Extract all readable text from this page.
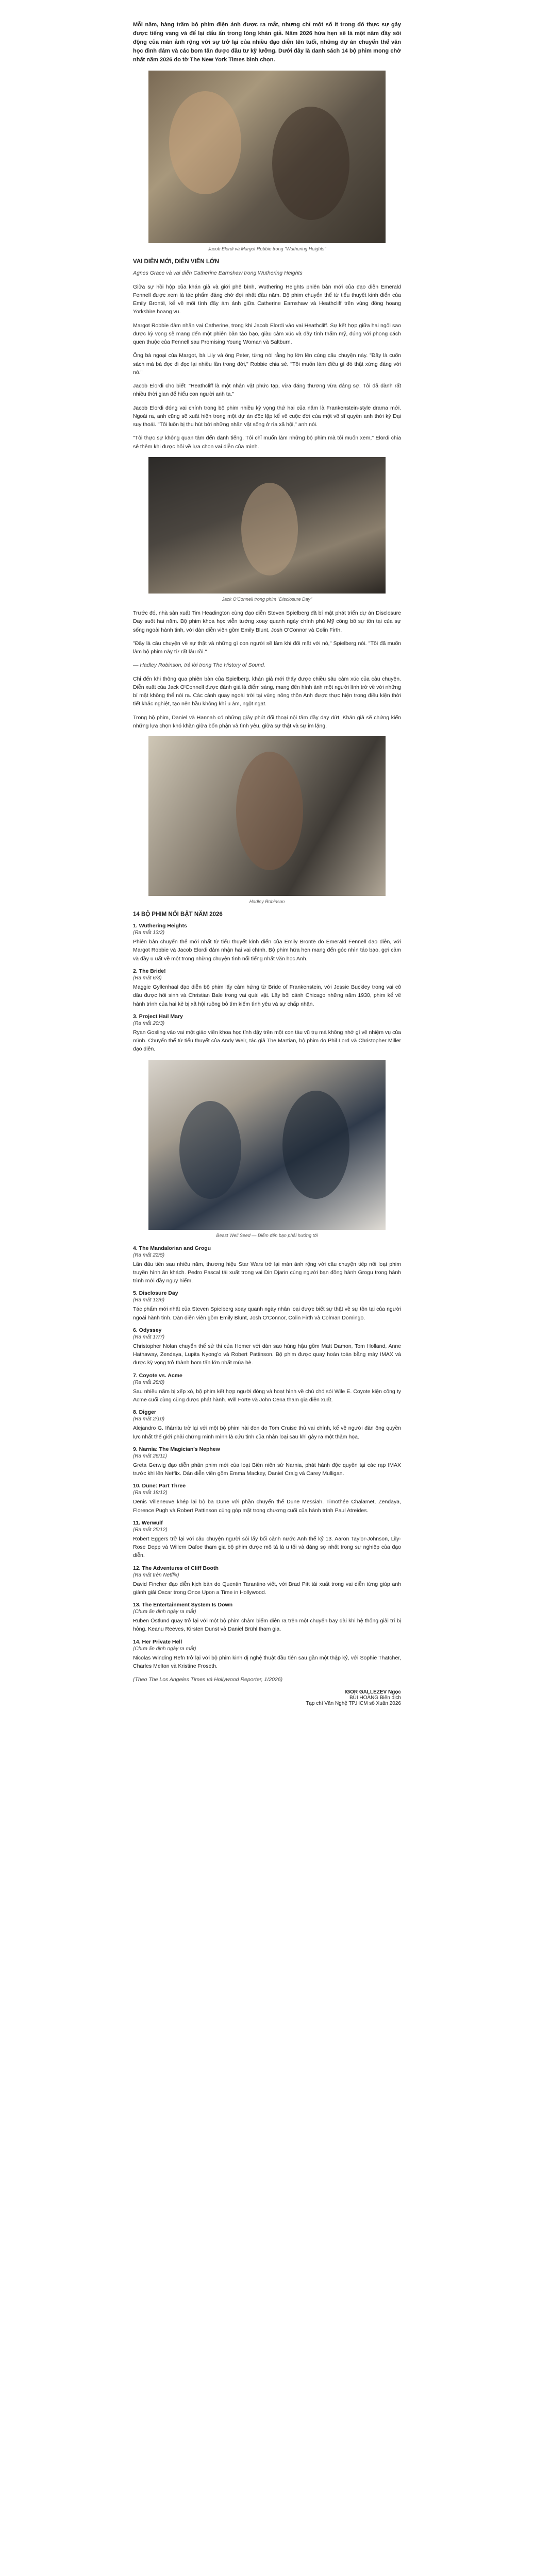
Mỗi năm, hàng trăm bộ phim điện ảnh được ra mắt, nhưng chỉ một số ít trong đó thực sự gây được tiếng vang và để lại dấu ấn trong lòng khán giả. Năm 2026 hứa hẹn sẽ là một năm đầy sôi động của màn ảnh rộng với sự trở lại của nhiều đạo diễn tên tuổi, những dự án chuyển thể văn học đình đám và các bom tấn được đầu tư kỹ lưỡng. Dưới đây là danh sách 14 bộ phim mong chờ nhất năm 2026 do tờ The New York Times bình chọn.

Jacob Elordi và Margot Robbie trong "Wuthering Heights"
VAI DIỄN MỚI, DIỄN VIÊN LỚN

Agnes Grace và vai diễn Catherine Earnshaw trong Wuthering Heights

Giữa sự hồi hộp của khán giả và giới phê bình, Wuthering Heights phiên bản mới của đạo diễn Emerald Fennell được xem là tác phẩm đáng chờ đợi nhất đầu năm. Bộ phim chuyển thể từ tiểu thuyết kinh điển của Emily Brontë, kể về mối tình đầy ám ảnh giữa Catherine Earnshaw và Heathcliff trên vùng đồng hoang Yorkshire hoang vu.

Margot Robbie đảm nhận vai Catherine, trong khi Jacob Elordi vào vai Heathcliff. Sự kết hợp giữa hai ngôi sao được kỳ vọng sẽ mang đến một phiên bản táo bạo, giàu cảm xúc và đầy tính thẩm mỹ, đúng với phong cách quen thuộc của Fennell sau Promising Young Woman và Saltburn.

Ông bà ngoại của Margot, bà Lily và ông Peter, từng nói rằng họ lớn lên cùng câu chuyện này. "Đây là cuốn sách mà bà đọc đi đọc lại nhiều lần trong đời," Robbie chia sẻ. "Tôi muốn làm điều gì đó thật xứng đáng với nó."

Jacob Elordi cho biết: "Heathcliff là một nhân vật phức tạp, vừa đáng thương vừa đáng sợ. Tôi đã dành rất nhiều thời gian để hiểu con người anh ta."

Jacob Elordi đóng vai chính trong bộ phim nhiều kỳ vọng thứ hai của năm là Frankenstein-style drama mới. Ngoài ra, anh cũng sẽ xuất hiện trong một dự án độc lập kể về cuộc đời của một võ sĩ quyền anh thời kỳ Đại suy thoái. "Tôi luôn bị thu hút bởi những nhân vật sống ở rìa xã hội," anh nói.

"Tôi thực sự không quan tâm đến danh tiếng. Tôi chỉ muốn làm những bộ phim mà tôi muốn xem," Elordi chia sẻ thêm khi được hỏi về lựa chọn vai diễn của mình.

Jack O'Connell trong phim "Disclosure Day"

Trước đó, nhà sản xuất Tim Headington cùng đạo diễn Steven Spielberg đã bí mật phát triển dự án Disclosure Day suốt hai năm. Bộ phim khoa học viễn tưởng xoay quanh ngày chính phủ Mỹ công bố sự tồn tại của sự sống ngoài hành tinh, với dàn diễn viên gồm Emily Blunt, Josh O'Connor và Colin Firth.

"Đây là câu chuyện về sự thật và những gì con người sẽ làm khi đối mặt với nó," Spielberg nói. "Tôi đã muốn làm bộ phim này từ rất lâu rồi."

— Hadley Robinson, trả lời trong The History of Sound.

Chỉ đến khi thông qua phiên bản của Spielberg, khán giả mới thấy được chiều sâu cảm xúc của câu chuyện. Diễn xuất của Jack O'Connell được đánh giá là điểm sáng, mang đến hình ảnh một người lính trở về với những bí mật không thể nói ra. Các cảnh quay ngoài trời tại vùng nông thôn Anh được thực hiện trong điều kiện thời tiết khắc nghiệt, tạo nên bầu không khí u ám, ngột ngạt.

Trong bộ phim, Daniel và Hannah có những giây phút đối thoại nội tâm đầy day dứt. Khán giả sẽ chứng kiến những lựa chọn khó khăn giữa bổn phận và tình yêu, giữa sự thật và sự im lặng.

Hadley Robinson
14 BỘ PHIM NỔI BẬT NĂM 2026
1. Wuthering Heights
(Ra mắt 13/2)

Phiên bản chuyển thể mới nhất từ tiểu thuyết kinh điển của Emily Brontë do Emerald Fennell đạo diễn, với Margot Robbie và Jacob Elordi đảm nhận hai vai chính. Bộ phim hứa hẹn mang đến góc nhìn táo bạo, gợi cảm và đầy u uất về một trong những chuyện tình nổi tiếng nhất văn học Anh.

2. The Bride!
(Ra mắt 6/3)

Maggie Gyllenhaal đạo diễn bộ phim lấy cảm hứng từ Bride of Frankenstein, với Jessie Buckley trong vai cô dâu được hồi sinh và Christian Bale trong vai quái vật. Lấy bối cảnh Chicago những năm 1930, phim kể về hành trình của hai kẻ bị xã hội ruồng bỏ tìm kiếm tình yêu và sự chấp nhận.

3. Project Hail Mary
(Ra mắt 20/3)

Ryan Gosling vào vai một giáo viên khoa học tỉnh dậy trên một con tàu vũ trụ mà không nhớ gì về nhiệm vụ của mình. Chuyển thể từ tiểu thuyết của Andy Weir, tác giả The Martian, bộ phim do Phil Lord và Christopher Miller đạo diễn.

Beast Well Seed — Điểm đến bạn phải hướng tới
4. The Mandalorian and Grogu
(Ra mắt 22/5)

Lần đầu tiên sau nhiều năm, thương hiệu Star Wars trở lại màn ảnh rộng với câu chuyện tiếp nối loạt phim truyền hình ăn khách. Pedro Pascal tái xuất trong vai Din Djarin cùng người bạn đồng hành Grogu trong hành trình mới đầy nguy hiểm.

5. Disclosure Day
(Ra mắt 12/6)

Tác phẩm mới nhất của Steven Spielberg xoay quanh ngày nhân loại được biết sự thật về sự tồn tại của người ngoài hành tinh. Dàn diễn viên gồm Emily Blunt, Josh O'Connor, Colin Firth và Colman Domingo.

6. Odyssey
(Ra mắt 17/7)

Christopher Nolan chuyển thể sử thi của Homer với dàn sao hùng hậu gồm Matt Damon, Tom Holland, Anne Hathaway, Zendaya, Lupita Nyong'o và Robert Pattinson. Bộ phim được quay hoàn toàn bằng máy IMAX và được kỳ vọng trở thành bom tấn lớn nhất mùa hè.

7. Coyote vs. Acme
(Ra mắt 28/8)

Sau nhiều năm bị xếp xó, bộ phim kết hợp người đóng và hoạt hình về chú chó sói Wile E. Coyote kiện công ty Acme cuối cùng cũng được phát hành. Will Forte và John Cena tham gia diễn xuất.

8. Digger
(Ra mắt 2/10)

Alejandro G. Iñárritu trở lại với một bộ phim hài đen do Tom Cruise thủ vai chính, kể về người đàn ông quyền lực nhất thế giới phải chứng minh mình là cứu tinh của nhân loại sau khi gây ra một thảm họa.

9. Narnia: The Magician's Nephew
(Ra mắt 26/11)

Greta Gerwig đạo diễn phần phim mới của loạt Biên niên sử Narnia, phát hành độc quyền tại các rạp IMAX trước khi lên Netflix. Dàn diễn viên gồm Emma Mackey, Daniel Craig và Carey Mulligan.

10. Dune: Part Three
(Ra mắt 18/12)

Denis Villeneuve khép lại bộ ba Dune với phần chuyển thể Dune Messiah. Timothée Chalamet, Zendaya, Florence Pugh và Robert Pattinson cùng góp mặt trong chương cuối của hành trình Paul Atreides.

11. Werwulf
(Ra mắt 25/12)

Robert Eggers trở lại với câu chuyện người sói lấy bối cảnh nước Anh thế kỷ 13. Aaron Taylor-Johnson, Lily-Rose Depp và Willem Dafoe tham gia bộ phim được mô tả là u tối và đáng sợ nhất trong sự nghiệp của đạo diễn.

12. The Adventures of Cliff Booth
(Ra mắt trên Netflix)

David Fincher đạo diễn kịch bản do Quentin Tarantino viết, với Brad Pitt tái xuất trong vai diễn từng giúp anh giành giải Oscar trong Once Upon a Time in Hollywood.

13. The Entertainment System Is Down
(Chưa ấn định ngày ra mắt)

Ruben Östlund quay trở lại với một bộ phim châm biếm diễn ra trên một chuyến bay dài khi hệ thống giải trí bị hỏng. Keanu Reeves, Kirsten Dunst và Daniel Brühl tham gia.

14. Her Private Hell
(Chưa ấn định ngày ra mắt)

Nicolas Winding Refn trở lại với bộ phim kinh dị nghệ thuật đầu tiên sau gần một thập kỷ, với Sophie Thatcher, Charles Melton và Kristine Froseth.

(Theo The Los Angeles Times và Hollywood Reporter, 1/2026)

IGOR GALLEZEV Ngọc
BÙI HOÀNG Biên dịch
Tạp chí Văn Nghệ TP.HCM số Xuân 2026
